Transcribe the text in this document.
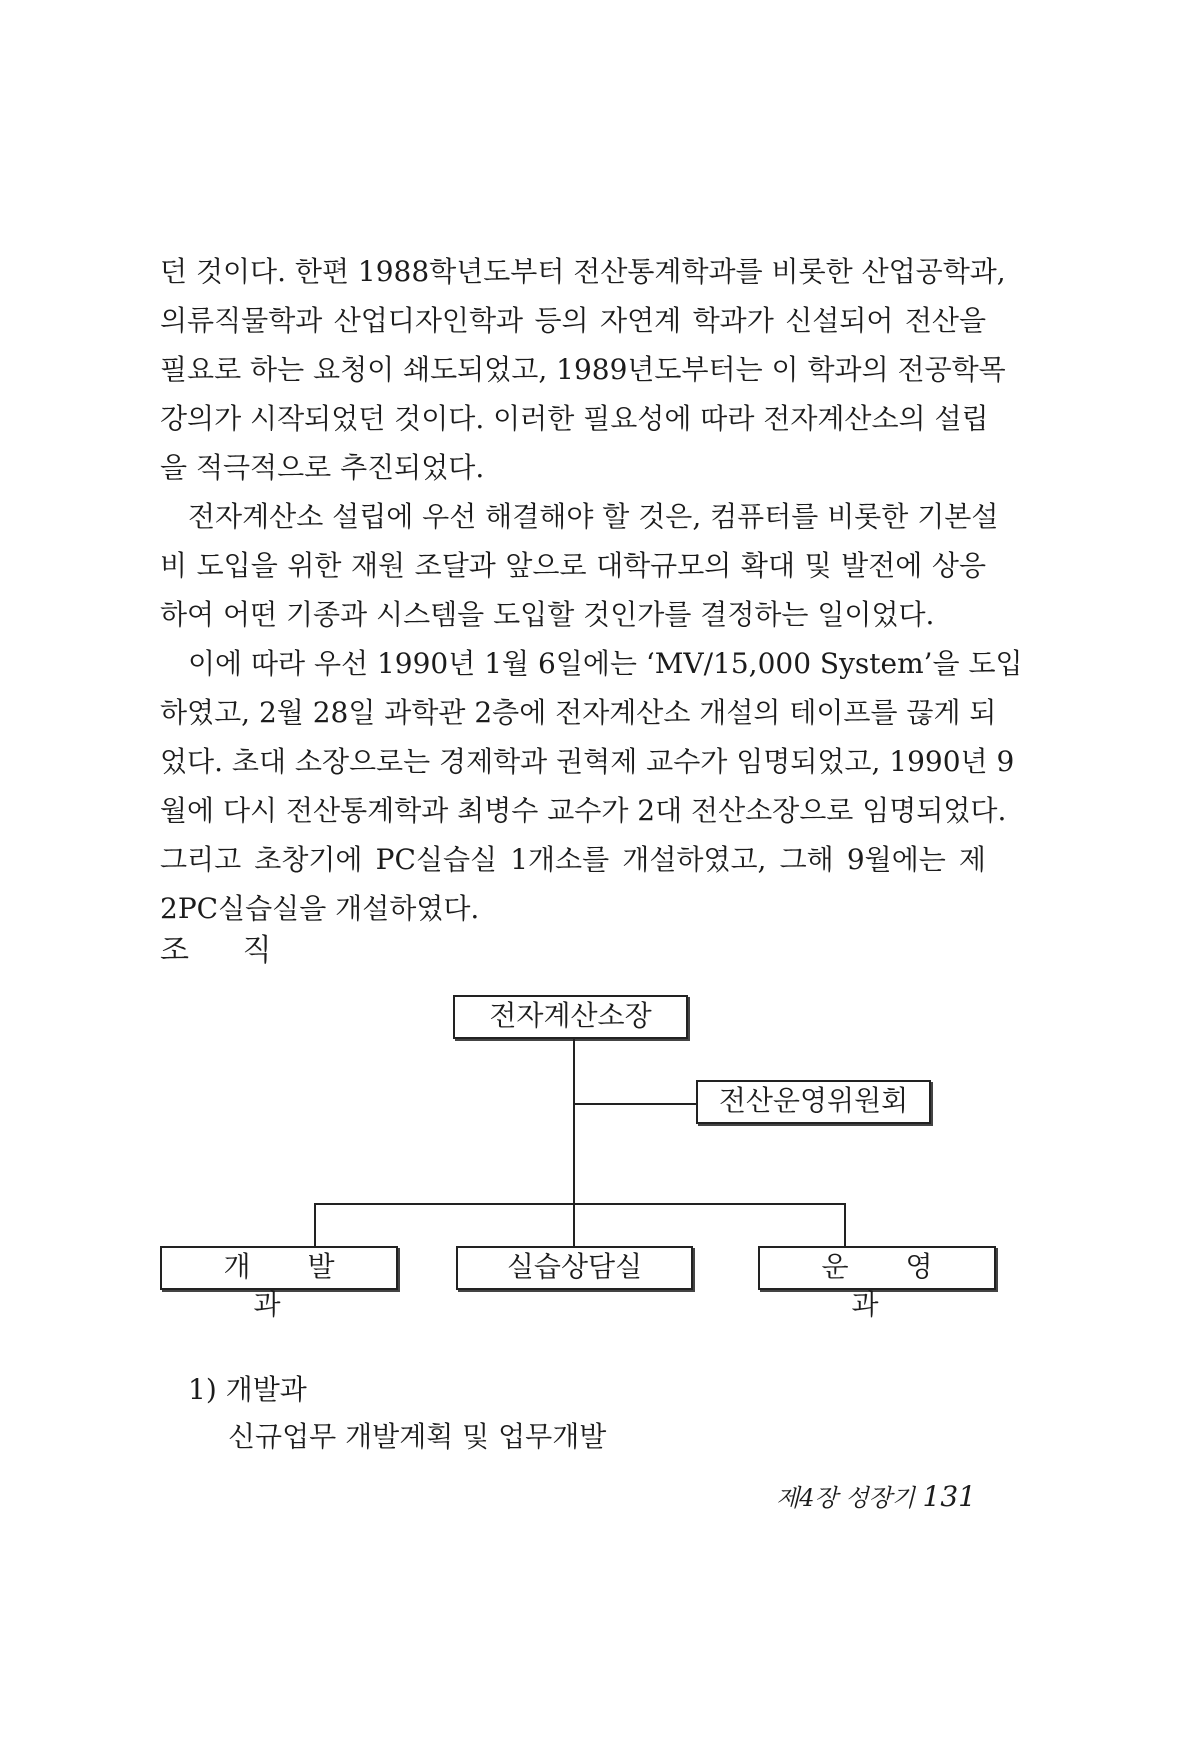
던 것이다. 한편 1988학년도부터 전산통계학과를 비롯한 산업공학과,
의류직물학과 산업디자인학과 등의 자연계 학과가 신설되어 전산을
필요로 하는 요청이 쇄도되었고, 1989년도부터는 이 학과의 전공학목
강의가 시작되었던 것이다. 이러한 필요성에 따라 전자계산소의 설립
을 적극적으로 추진되었다.
전자계산소 설립에 우선 해결해야 할 것은, 컴퓨터를 비롯한 기본설
비 도입을 위한 재원 조달과 앞으로 대학규모의 확대 및 발전에 상응
하여 어떤 기종과 시스템을 도입할 것인가를 결정하는 일이었다.
이에 따라 우선 1990년 1월 6일에는 ‘MV/15,000 System’을 도입
하였고, 2월 28일 과학관 2층에 전자계산소 개설의 테이프를 끊게 되
었다. 초대 소장으로는 경제학과 권혁제 교수가 임명되었고, 1990년 9
월에 다시 전산통계학과 최병수 교수가 2대 전산소장으로 임명되었다.
그리고 초창기에 PC실습실 1개소를 개설하였고, 그해 9월에는 제
2PC실습실을 개설하였다.
조 직
전자계산소장
전산운영위원회
개 발 과
실습상담실	운 영 과
1) 개발과
신규업무 개발계획 및 업무개발
제4장 성장기 131
